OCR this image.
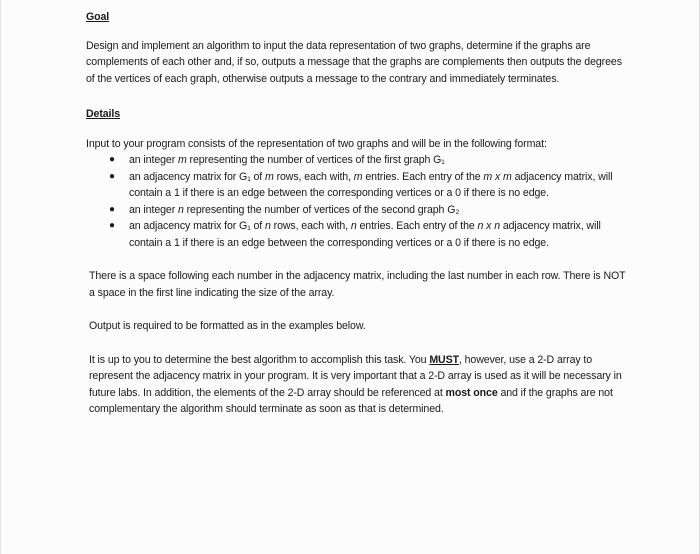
Goal

Design and implement an algorithm to input the data representation of two graphs, determine if the graphs are complements of each other and, if so, outputs a message that the graphs are complements then outputs the degrees of the vertices of each graph, otherwise outputs a message to the contrary and immediately terminates.

Details

Input to your program consists of the representation of two graphs and will be in the following format:

● an integer m representing the number of vertices of the first graph G₁
● an adjacency matrix for G₁ of m rows, each with, m entries. Each entry of the m x m adjacency matrix, will contain a 1 if there is an edge between the corresponding vertices or a 0 if there is no edge.
● an integer n representing the number of vertices of the second graph G₂
● an adjacency matrix for G₁ of n rows, each with, n entries. Each entry of the n x n adjacency matrix, will contain a 1 if there is an edge between the corresponding vertices or a 0 if there is no edge.

There is a space following each number in the adjacency matrix, including the last number in each row. There is NOT a space in the first line indicating the size of the array.

Output is required to be formatted as in the examples below.

It is up to you to determine the best algorithm to accomplish this task. You MUST, however, use a 2-D array to represent the adjacency matrix in your program. It is very important that a 2-D array is used as it will be necessary in future labs. In addition, the elements of the 2-D array should be referenced at most once and if the graphs are not complementary the algorithm should terminate as soon as that is determined.
